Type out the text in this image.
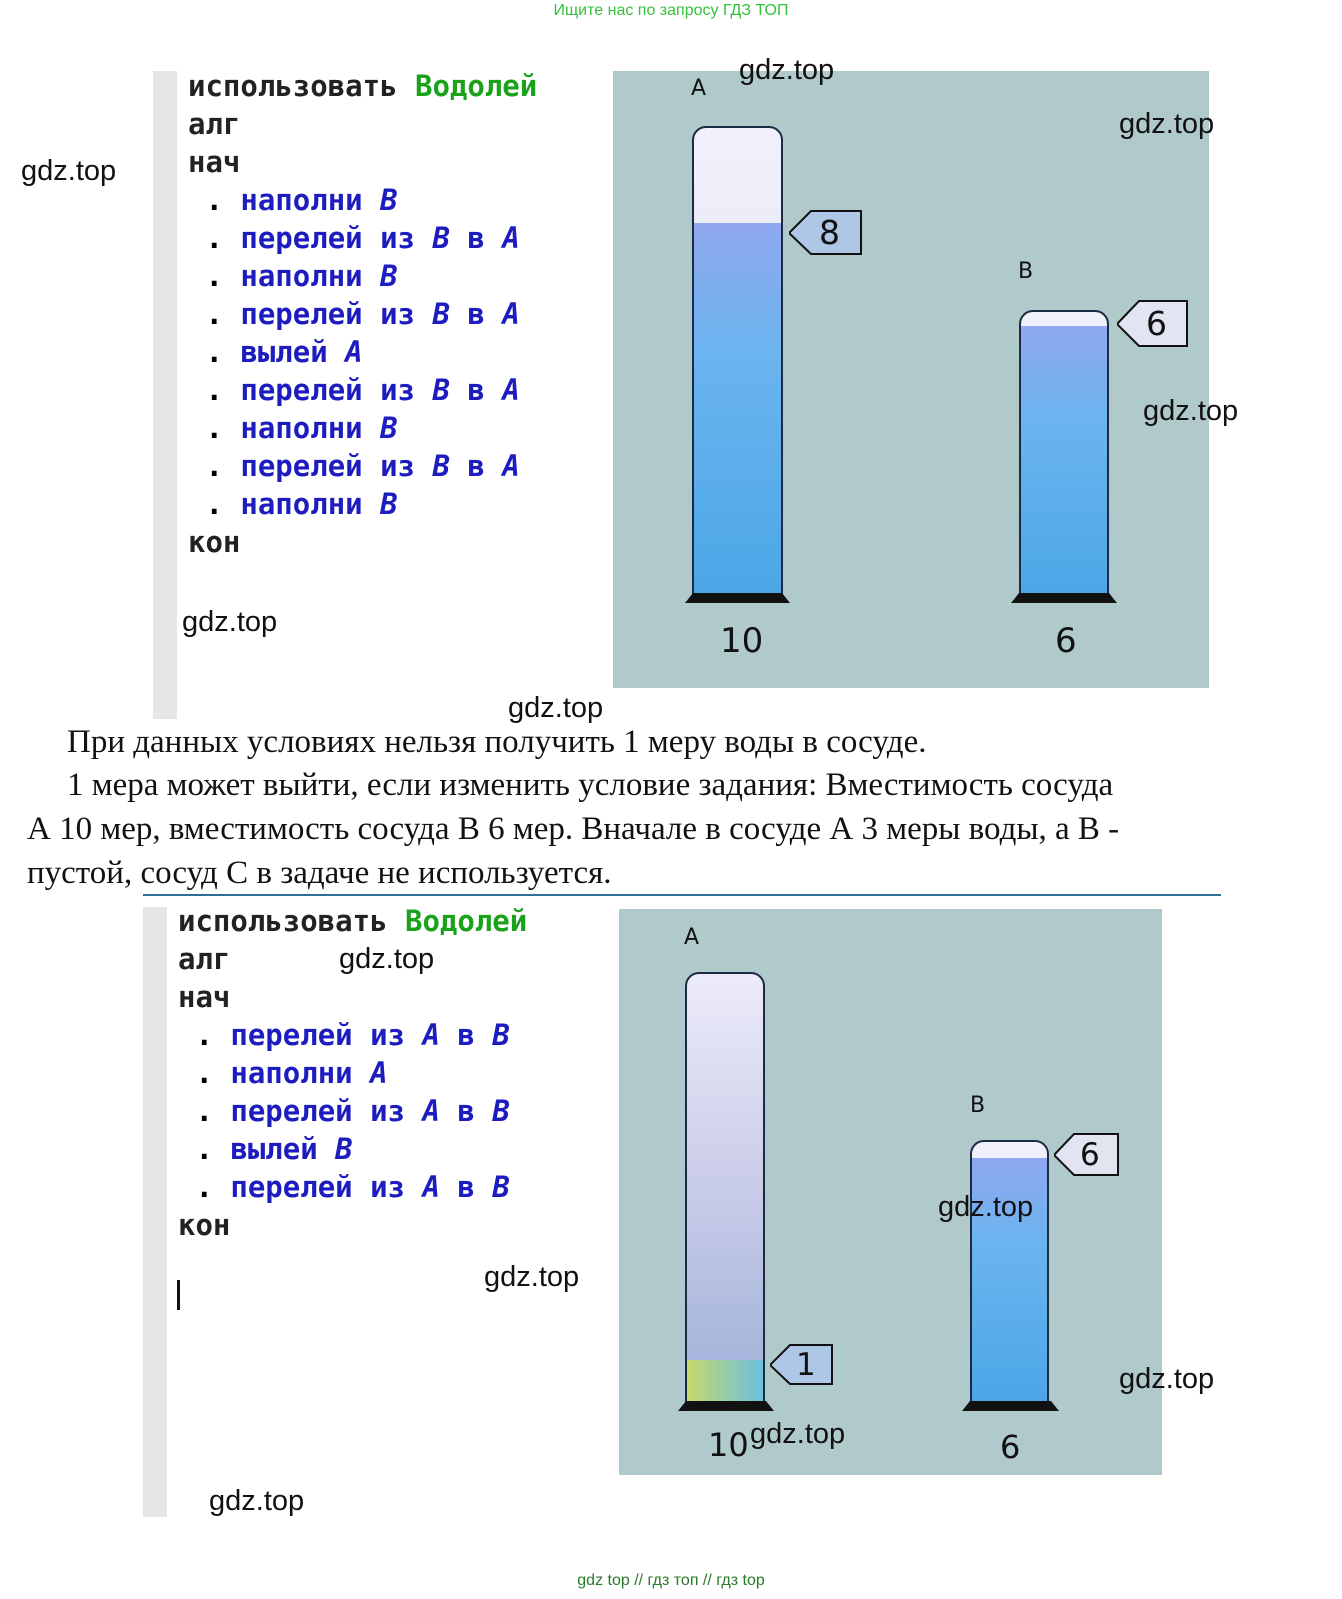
Ищите нас по запросу ГДЗ ТОП
использовать Водолей
алг
нач
. наполни B
. перелей из B в A
. наполни B
. перелей из B в A
. вылей A
. перелей из B в A
. наполни B
. перелей из B в A
. наполни B
кон
A
8
10
B
6
6
При данных условиях нельзя получить 1 меру воды в сосуде.
1 мера может выйти, если изменить условие задания: Вместимость сосуда
А 10 мер, вместимость сосуда В 6 мер. Вначале в сосуде А 3 меры воды, а В -
пустой, сосуд С в задаче не используется.
использовать Водолей
алг
нач
. перелей из A в B
. наполни A
. перелей из A в B
. вылей B
. перелей из A в B
кон
A
1
10
B
6
6
gdz.top
gdz.top
gdz.top
gdz.top
gdz.top
gdz.top
gdz.top
gdz.top
gdz.top
gdz.top
gdz.top
gdz.top
gdz top // гдз топ // гдз top
